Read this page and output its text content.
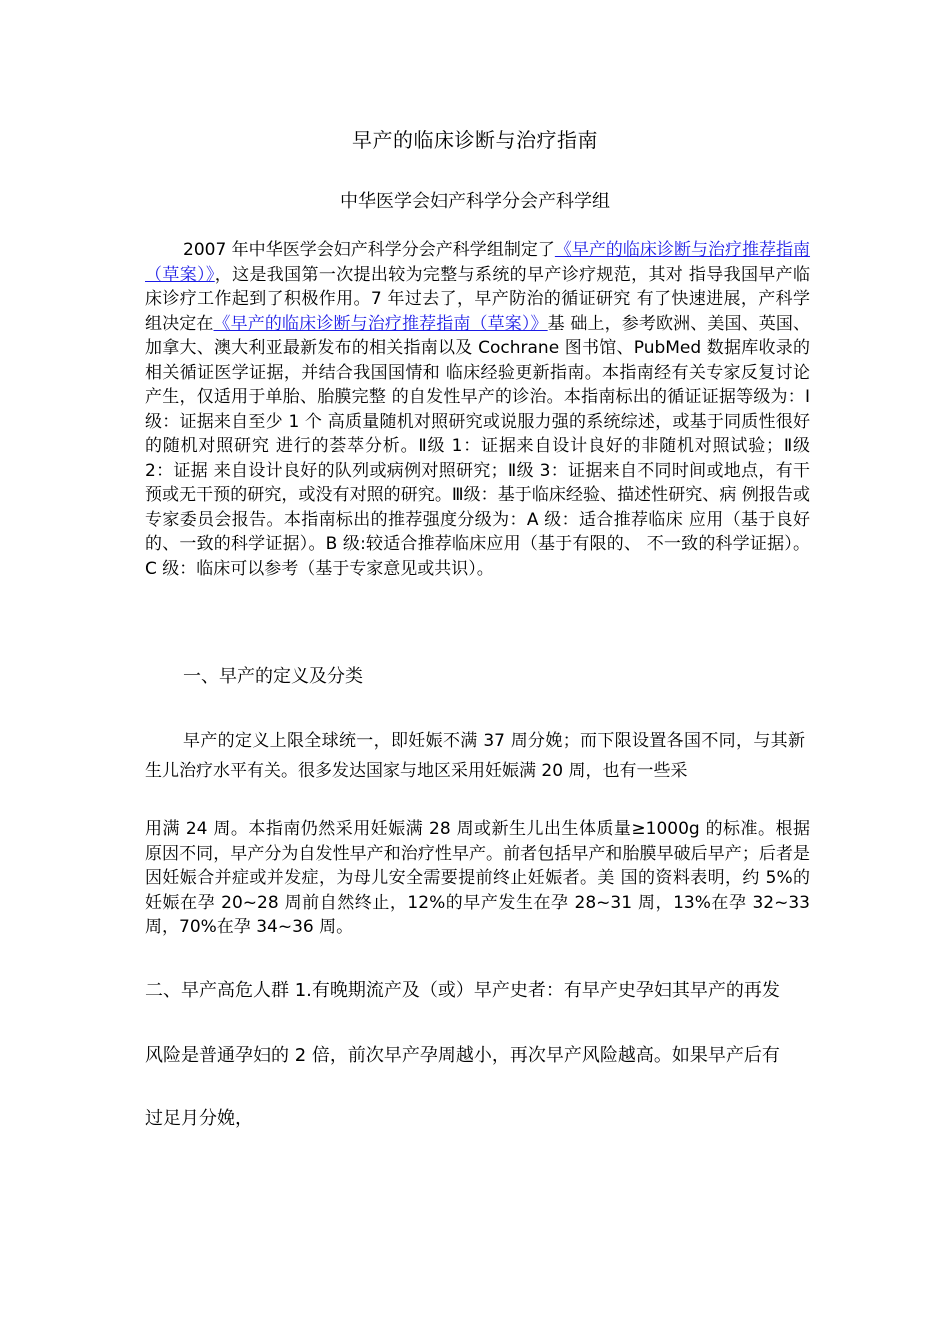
早产的临床诊断与治疗指南
中华医学会妇产科学分会产科学组

2007 年中华医学会妇产科学分会产科学组制定了《早产的临床诊断与治疗推荐指南（草案）》，这是我国第一次提出较为完整与系统的早产诊疗规范，其对 指导我国早产临床诊疗工作起到了积极作用。7 年过去了，早产防治的循证研究 有了快速进展，产科学组决定在《早产的临床诊断与治疗推荐指南（草案）》基 础上，参考欧洲、美国、英国、加拿大、澳大利亚最新发布的相关指南以及 Cochrane 图书馆、PubMed 数据库收录的相关循证医学证据，并结合我国国情和 临床经验更新指南。本指南经有关专家反复讨论产生，仅适用于单胎、胎膜完整 的自发性早产的诊治。本指南标出的循证证据等级为：Ⅰ级：证据来自至少 1 个 高质量随机对照研究或说服力强的系统综述，或基于同质性很好的随机对照研究 进行的荟萃分析。Ⅱ级 1：证据来自设计良好的非随机对照试验；Ⅱ级 2：证据 来自设计良好的队列或病例对照研究；Ⅱ级 3：证据来自不同时间或地点，有干 预或无干预的研究，或没有对照的研究。Ⅲ级：基于临床经验、描述性研究、病 例报告或专家委员会报告。本指南标出的推荐强度分级为：A 级：适合推荐临床 应用（基于良好的、一致的科学证据）。B 级:较适合推荐临床应用（基于有限的、 不一致的科学证据）。C 级：临床可以参考（基于专家意见或共识）。

一、早产的定义及分类

早产的定义上限全球统一，即妊娠不满 37 周分娩；而下限设置各国不同，与其新生儿治疗水平有关。很多发达国家与地区采用妊娠满 20 周，也有一些采

用满 24 周。本指南仍然采用妊娠满 28 周或新生儿出生体质量≥1000g 的标准。根据原因不同，早产分为自发性早产和治疗性早产。前者包括早产和胎膜早破后早产；后者是因妊娠合并症或并发症，为母儿安全需要提前终止妊娠者。美 国的资料表明，约 5%的妊娠在孕 20~28 周前自然终止，12%的早产发生在孕 28~31 周，13%在孕 32~33 周，70%在孕 34~36 周。

二、早产高危人群 1.有晚期流产及（或）早产史者：有早产史孕妇其早产的再发
风险是普通孕妇的 2 倍，前次早产孕周越小，再次早产风险越高。如果早产后有
过足月分娩，
